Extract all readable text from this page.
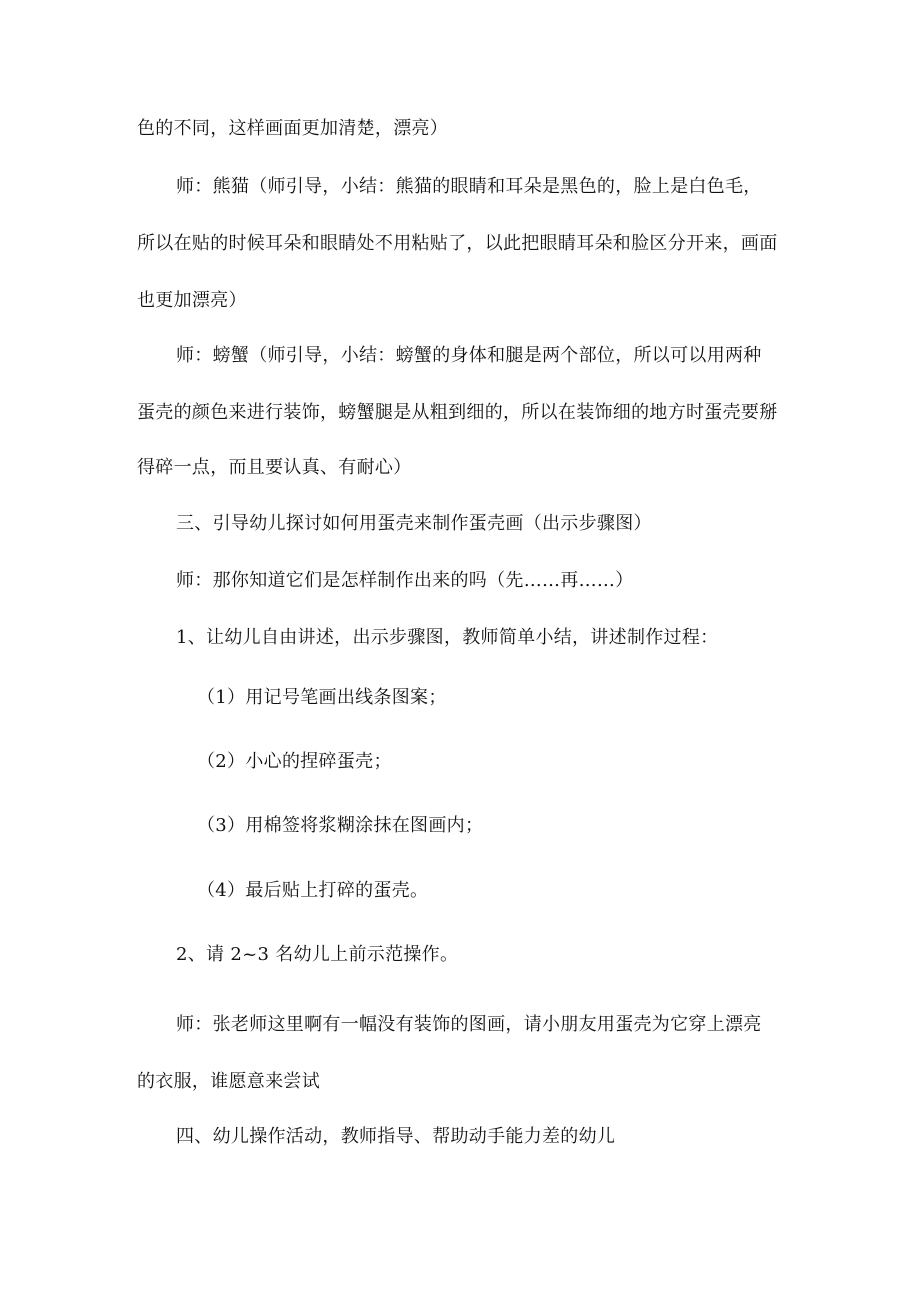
色的不同，这样画面更加清楚，漂亮）
师：熊猫（师引导，小结：熊猫的眼睛和耳朵是黑色的，脸上是白色毛，
所以在贴的时候耳朵和眼睛处不用粘贴了，以此把眼睛耳朵和脸区分开来，画面
也更加漂亮）
师：螃蟹（师引导，小结：螃蟹的身体和腿是两个部位，所以可以用两种
蛋壳的颜色来进行装饰，螃蟹腿是从粗到细的，所以在装饰细的地方时蛋壳要掰
得碎一点，而且要认真、有耐心）
三、引导幼儿探讨如何用蛋壳来制作蛋壳画（出示步骤图）
师：那你知道它们是怎样制作出来的吗（先……再……）
1、让幼儿自由讲述，出示步骤图，教师简单小结，讲述制作过程：
（1）用记号笔画出线条图案；
（2）小心的捏碎蛋壳；
（3）用棉签将浆糊涂抹在图画内；
（4）最后贴上打碎的蛋壳。
2、请 2~3 名幼儿上前示范操作。
师：张老师这里啊有一幅没有装饰的图画，请小朋友用蛋壳为它穿上漂亮
的衣服，谁愿意来尝试
四、幼儿操作活动，教师指导、帮助动手能力差的幼儿
